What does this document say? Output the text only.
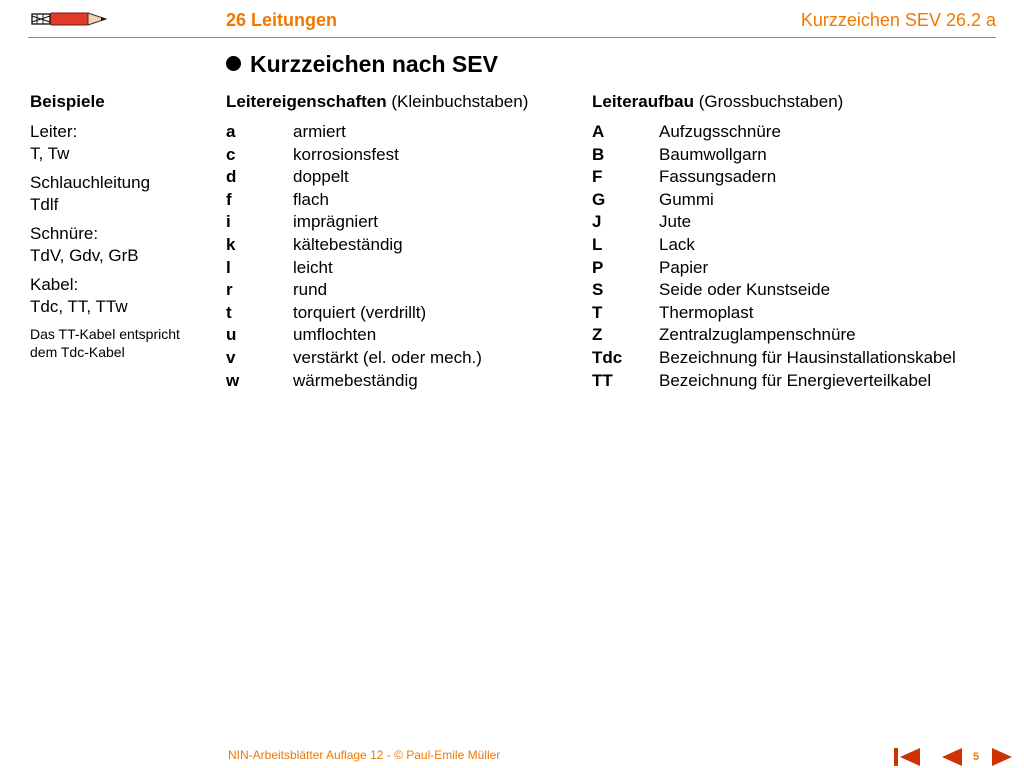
26 Leitungen	Kurzzeichen SEV 26.2 a
Kurzzeichen nach SEV
Beispiele
Leiter:
T, Tw
Schlauchleitung
Tdlf
Schnüre:
TdV, Gdv, GrB
Kabel:
Tdc, TT, TTw
Das TT-Kabel entspricht
dem Tdc-Kabel
Leitereigenschaften (Kleinbuchstaben)
a	armiert
c	korrosionsfest
d	doppelt
f	flach
i	imprägniert
k	kältebeständig
l	leicht
r	rund
t	torquiert (verdrillt)
u	umflochten
v	verstärkt (el. oder mech.)
w	wärmebeständig
Leiteraufbau (Grossbuchstaben)
A	Aufzugsschnüre
B	Baumwollgarn
F	Fassungsadern
G	Gummi
J	Jute
L	Lack
P	Papier
S	Seide oder Kunstseide
T	Thermoplast
Z	Zentralzuglampenschnüre
Tdc	Bezeichnung für Hausinstallationskabel
TT	Bezeichnung für Energieverteilkabel
NIN-Arbeitsblätter Auflage 12 - © Paul-Emile Müller	5
